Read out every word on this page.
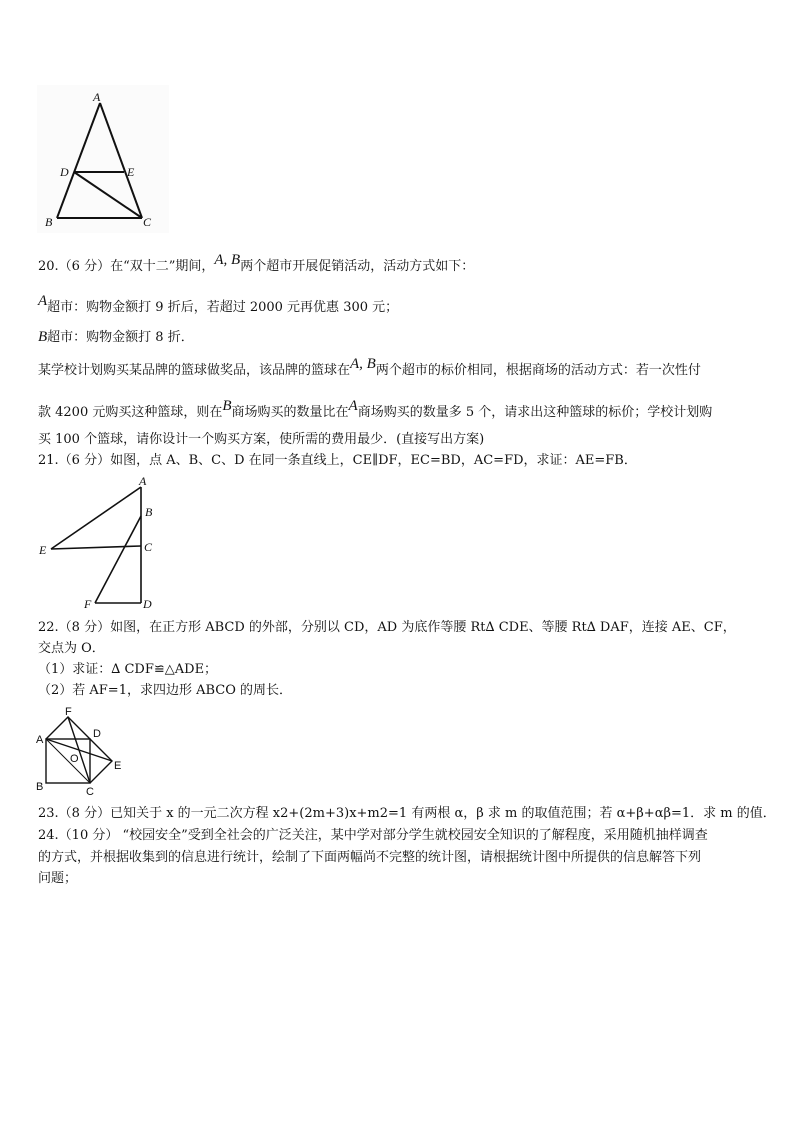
A
D	E
B	C
20.（6 分）在“双十二”期间，A, B两个超市开展促销活动，活动方式如下：
A超市：购物金额打 9 折后，若超过 2000 元再优惠 300 元；
B超市：购物金额打 8 折．
某学校计划购买某品牌的篮球做奖品，该品牌的篮球在A, B两个超市的标价相同，根据商场的活动方式：若一次性付
款 4200 元购买这种篮球，则在B商场购买的数量比在A商场购买的数量多 5 个，请求出这种篮球的标价；学校计划购
买 100 个篮球，请你设计一个购买方案，使所需的费用最少．(直接写出方案)
21.（6 分）如图，点 A、B、C、D 在同一条直线上，CE∥DF，EC=BD，AC=FD，求证：AE=FB．
A
B
C
D
E
F
22.（8 分）如图，在正方形 ABCD 的外部，分别以 CD，AD 为底作等腰 Rt∆ CDE、等腰 Rt∆ DAF，连接 AE、CF，
交点为 O．
（1）求证：∆ CDF≌△ADE；
（2）若 AF=1，求四边形 ABCO 的周长．
F
A	D
O
E
B	C
23.（8 分）已知关于 x 的一元二次方程 x2+(2m+3)x+m2=1 有两根 α，β 求 m 的取值范围；若 α+β+αβ=1．求 m 的值．
24.（10 分） “校园安全”受到全社会的广泛关注，某中学对部分学生就校园安全知识的了解程度，采用随机抽样调查
的方式，并根据收集到的信息进行统计，绘制了下面两幅尚不完整的统计图，请根据统计图中所提供的信息解答下列
问题；
